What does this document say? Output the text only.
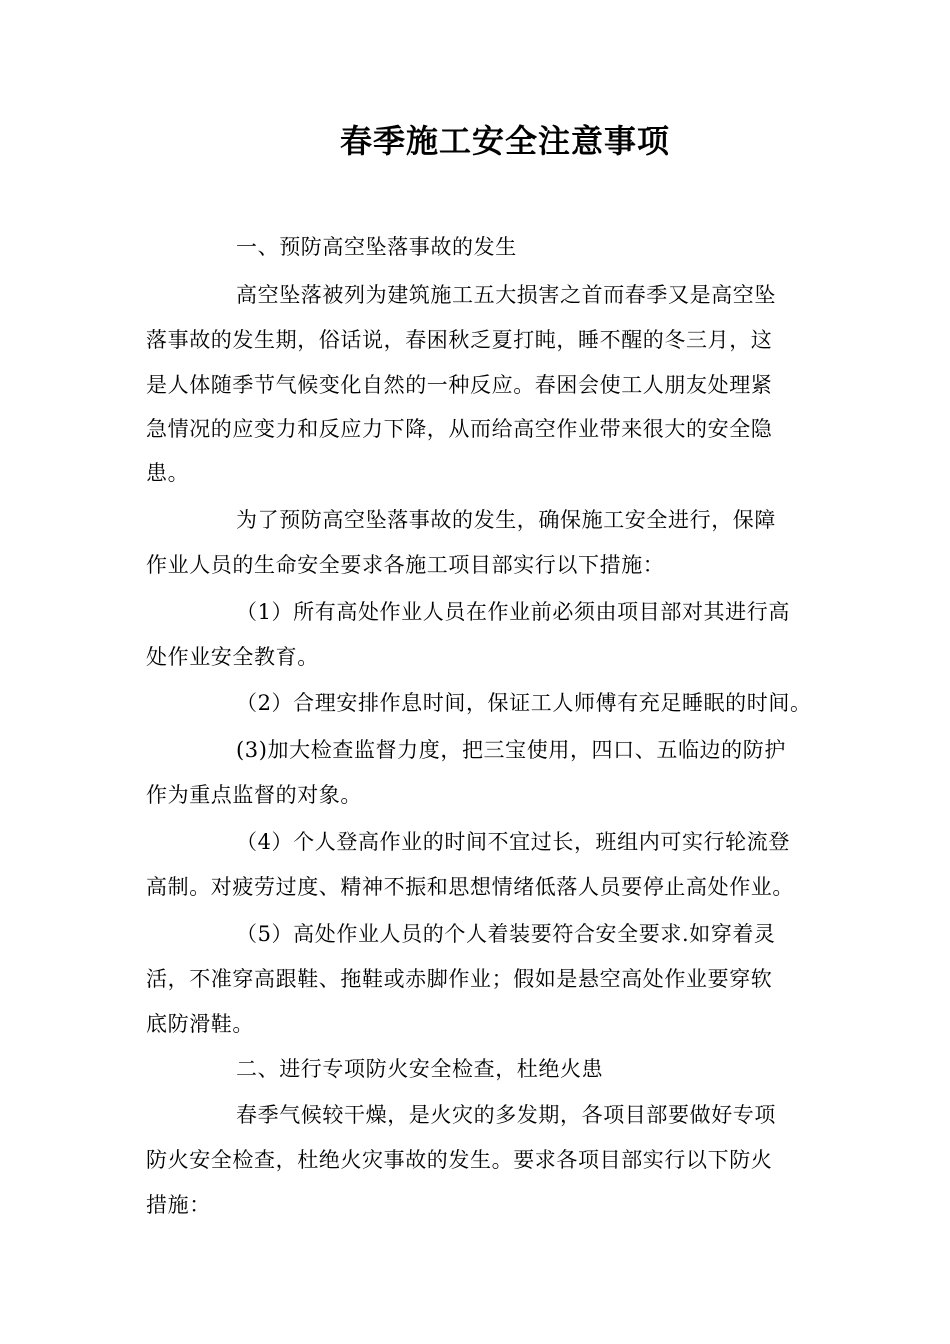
春季施工安全注意事项
一、预防高空坠落事故的发生
高空坠落被列为建筑施工五大损害之首而春季又是高空坠
落事故的发生期，俗话说，春困秋乏夏打盹，睡不醒的冬三月，这
是人体随季节气候变化自然的一种反应。春困会使工人朋友处理紧
急情况的应变力和反应力下降，从而给高空作业带来很大的安全隐
患。
为了预防高空坠落事故的发生，确保施工安全进行，保障
作业人员的生命安全要求各施工项目部实行以下措施：
（1）所有高处作业人员在作业前必须由项目部对其进行高
处作业安全教育。
（2）合理安排作息时间，保证工人师傅有充足睡眠的时间。
(3)加大检查监督力度，把三宝使用，四口、五临边的防护
作为重点监督的对象。
（4）个人登高作业的时间不宜过长，班组内可实行轮流登
高制。对疲劳过度、精神不振和思想情绪低落人员要停止高处作业。
（5）高处作业人员的个人着装要符合安全要求.如穿着灵
活，不准穿高跟鞋、拖鞋或赤脚作业；假如是悬空高处作业要穿软
底防滑鞋。
二、进行专项防火安全检查，杜绝火患
春季气候较干燥，是火灾的多发期，各项目部要做好专项
防火安全检查，杜绝火灾事故的发生。要求各项目部实行以下防火
措施：
